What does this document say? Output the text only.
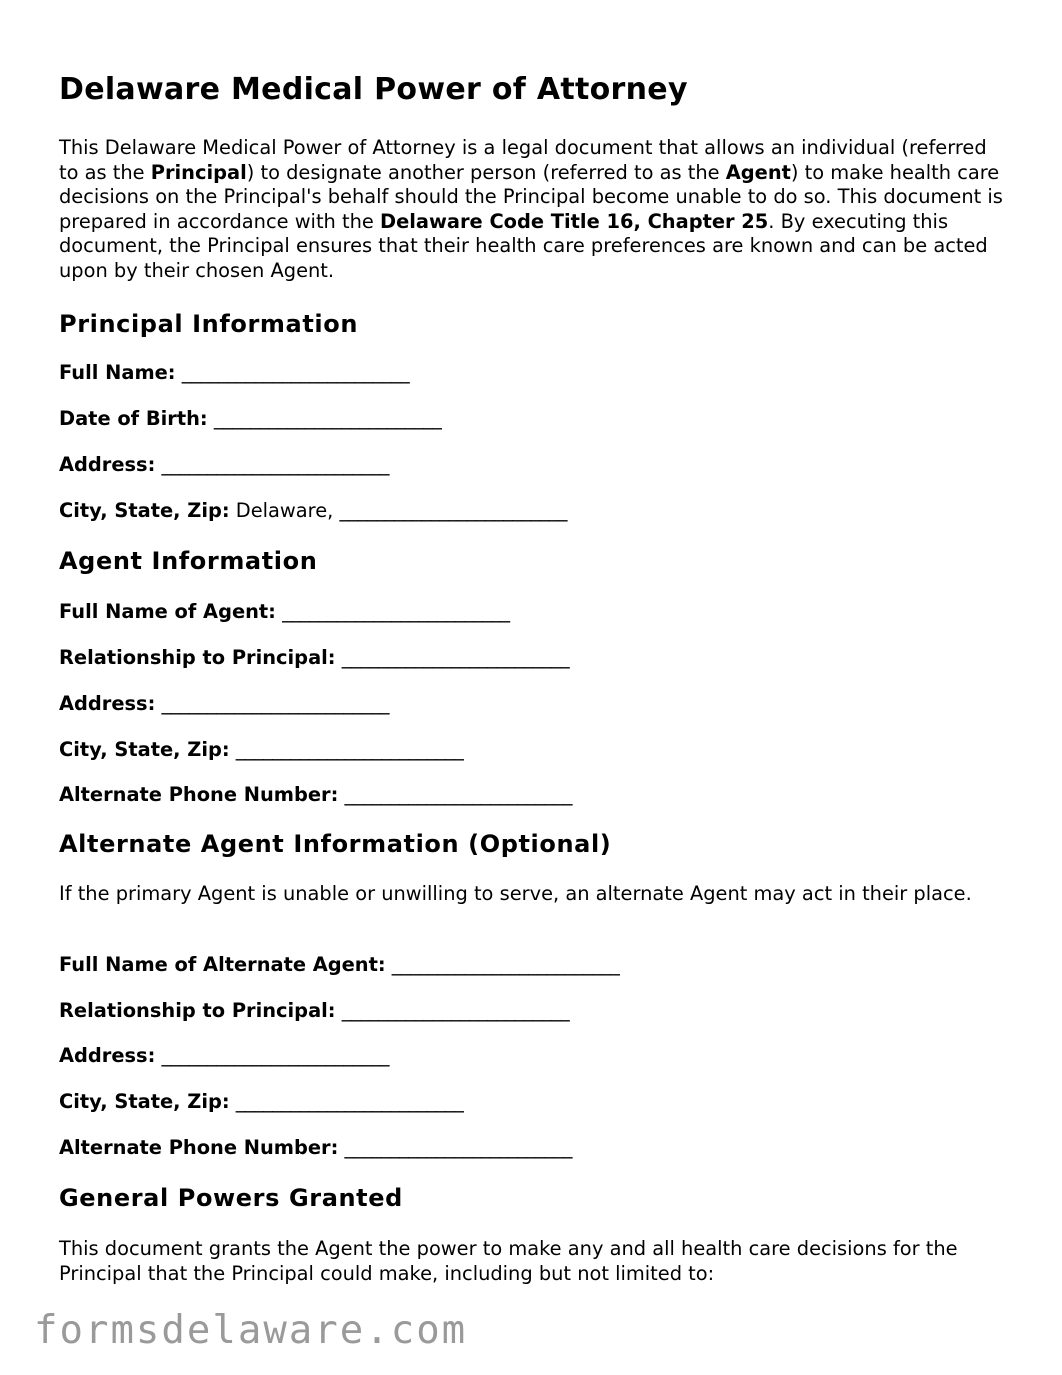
Delaware Medical Power of Attorney

This Delaware Medical Power of Attorney is a legal document that allows an individual (referred to as the Principal) to designate another person (referred to as the Agent) to make health care decisions on the Principal's behalf should the Principal become unable to do so. This document is prepared in accordance with the Delaware Code Title 16, Chapter 25. By executing this document, the Principal ensures that their health care preferences are known and can be acted upon by their chosen Agent.

Principal Information
Full Name: _________________________
Date of Birth: _________________________
Address: _________________________
City, State, Zip: Delaware, _________________________
Agent Information
Full Name of Agent: _________________________
Relationship to Principal: _________________________
Address: _________________________
City, State, Zip: _________________________
Alternate Phone Number: _________________________
Alternate Agent Information (Optional)

If the primary Agent is unable or unwilling to serve, an alternate Agent may act in their place.

Full Name of Alternate Agent: _________________________
Relationship to Principal: _________________________
Address: _________________________
City, State, Zip: _________________________
Alternate Phone Number: _________________________
General Powers Granted

This document grants the Agent the power to make any and all health care decisions for the Principal that the Principal could make, including but not limited to:

formsdelaware.com
